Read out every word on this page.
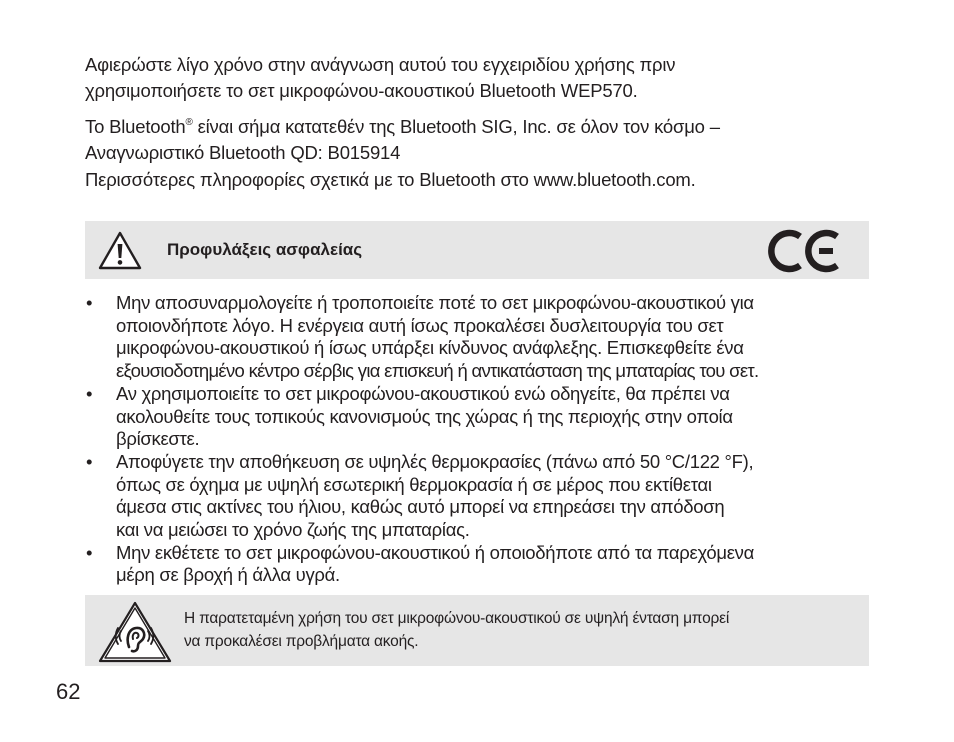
Αφιερώστε λίγο χρόνο στην ανάγνωση αυτού του εγχειριδίου χρήσης πριν
χρησιμοποιήσετε το σετ μικροφώνου-ακουστικού Bluetooth WEP570.

Το Bluetooth® είναι σήμα κατατεθέν της Bluetooth SIG, Inc. σε όλον τον κόσμο –
Αναγνωριστικό Bluetooth QD: B015914
Περισσότερες πληροφορίες σχετικά με το Bluetooth στο www.bluetooth.com.

Προφυλάξεις ασφαλείας
• Μην αποσυναρμολογείτε ή τροποποιείτε ποτέ το σετ μικροφώνου-ακουστικού για
οποιονδήποτε λόγο. Η ενέργεια αυτή ίσως προκαλέσει δυσλειτουργία του σετ
μικροφώνου-ακουστικού ή ίσως υπάρξει κίνδυνος ανάφλεξης. Επισκεφθείτε ένα
εξουσιοδοτημένο κέντρο σέρβις για επισκευή ή αντικατάσταση της μπαταρίας του σετ.
• Αν χρησιμοποιείτε το σετ μικροφώνου-ακουστικού ενώ οδηγείτε, θα πρέπει να
ακολουθείτε τους τοπικούς κανονισμούς της χώρας ή της περιοχής στην οποία
βρίσκεστε.
• Αποφύγετε την αποθήκευση σε υψηλές θερμοκρασίες (πάνω από 50 °C/122 °F),
όπως σε όχημα με υψηλή εσωτερική θερμοκρασία ή σε μέρος που εκτίθεται
άμεσα στις ακτίνες του ήλιου, καθώς αυτό μπορεί να επηρεάσει την απόδοση
και να μειώσει το χρόνο ζωής της μπαταρίας.
• Μην εκθέτετε το σετ μικροφώνου-ακουστικού ή οποιοδήποτε από τα παρεχόμενα
μέρη σε βροχή ή άλλα υγρά.
Η παρατεταμένη χρήση του σετ μικροφώνου-ακουστικού σε υψηλή ένταση μπορεί
να προκαλέσει προβλήματα ακοής.
62
